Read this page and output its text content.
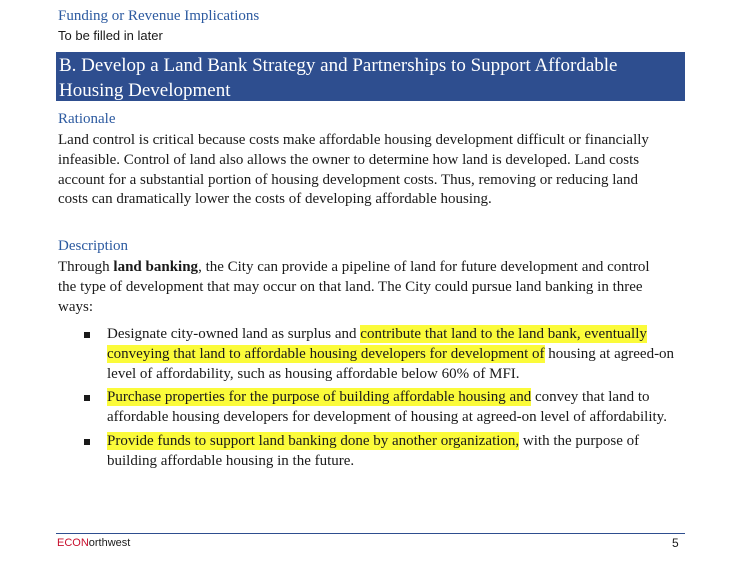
Funding or Revenue Implications
To be filled in later
B. Develop a Land Bank Strategy and Partnerships to Support Affordable Housing Development
Rationale
Land control is critical because costs make affordable housing development difficult or financially infeasible. Control of land also allows the owner to determine how land is developed. Land costs account for a substantial portion of housing development costs. Thus, removing or reducing land costs can dramatically lower the costs of developing affordable housing.
Description
Through land banking, the City can provide a pipeline of land for future development and control the type of development that may occur on that land. The City could pursue land banking in three ways:
Designate city-owned land as surplus and contribute that land to the land bank, eventually conveying that land to affordable housing developers for development of housing at agreed-on level of affordability, such as housing affordable below 60% of MFI.
Purchase properties for the purpose of building affordable housing and convey that land to affordable housing developers for development of housing at agreed-on level of affordability.
Provide funds to support land banking done by another organization, with the purpose of building affordable housing in the future.
ECONorthwest	5
